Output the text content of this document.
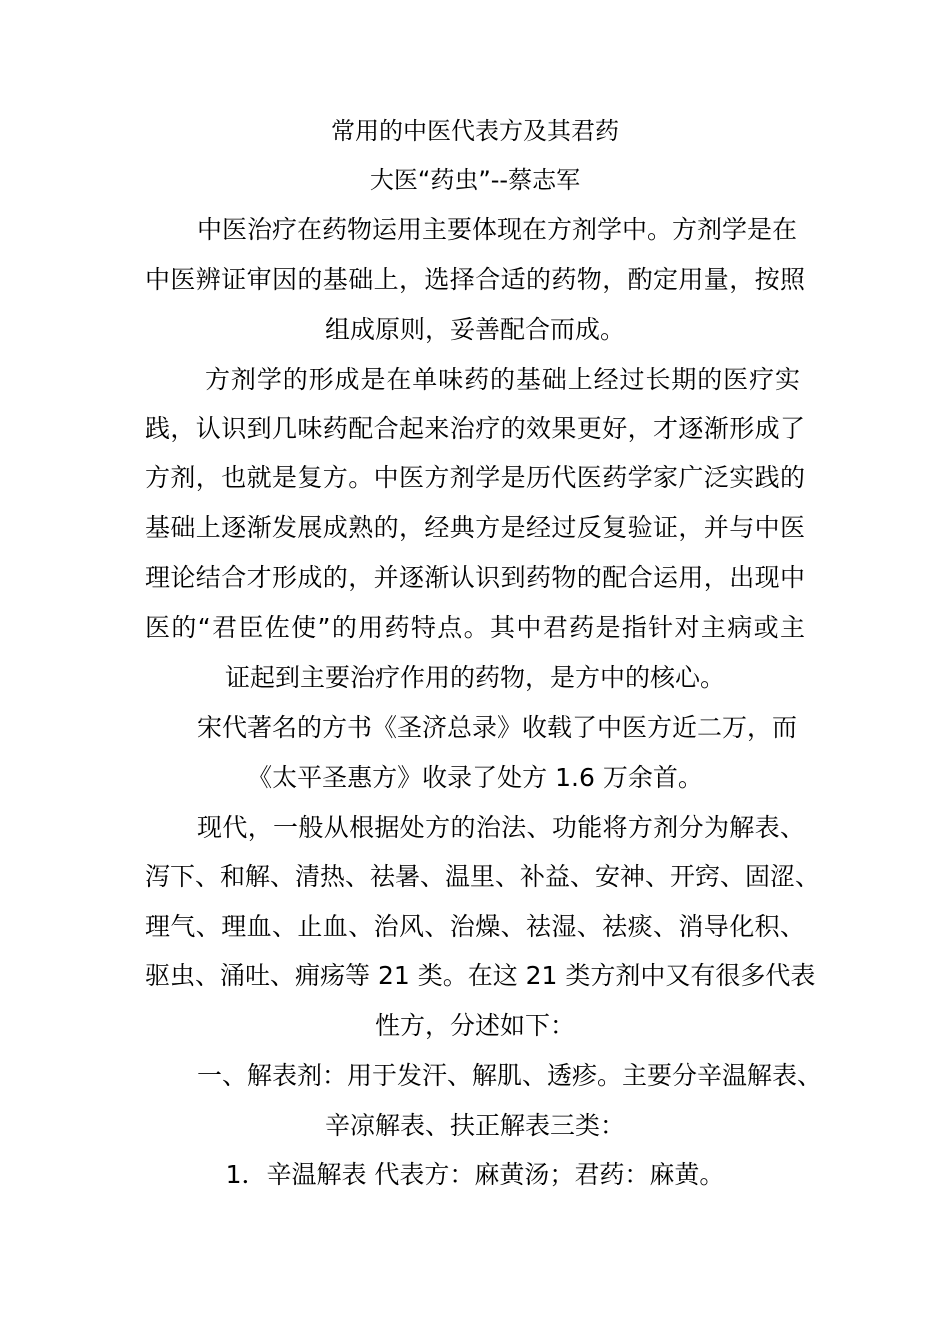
常用的中医代表方及其君药
大医“药虫”--蔡志军
中医治疗在药物运用主要体现在方剂学中。方剂学是在
中医辨证审因的基础上，选择合适的药物，酌定用量，按照
组成原则，妥善配合而成。
方剂学的形成是在单味药的基础上经过长期的医疗实
践，认识到几味药配合起来治疗的效果更好，才逐渐形成了
方剂，也就是复方。中医方剂学是历代医药学家广泛实践的
基础上逐渐发展成熟的，经典方是经过反复验证，并与中医
理论结合才形成的，并逐渐认识到药物的配合运用，出现中
医的“君臣佐使”的用药特点。其中君药是指针对主病或主
证起到主要治疗作用的药物，是方中的核心。
宋代著名的方书《圣济总录》收载了中医方近二万，而
《太平圣惠方》收录了处方 1.6 万余首。
现代，一般从根据处方的治法、功能将方剂分为解表、
泻下、和解、清热、祛暑、温里、补益、安神、开窍、固涩、
理气、理血、止血、治风、治燥、祛湿、祛痰、消导化积、
驱虫、涌吐、痈疡等 21 类。在这 21 类方剂中又有很多代表
性方，分述如下：
一、解表剂：用于发汗、解肌、透疹。主要分辛温解表、
辛凉解表、扶正解表三类：
1．辛温解表 代表方：麻黄汤；君药：麻黄。
